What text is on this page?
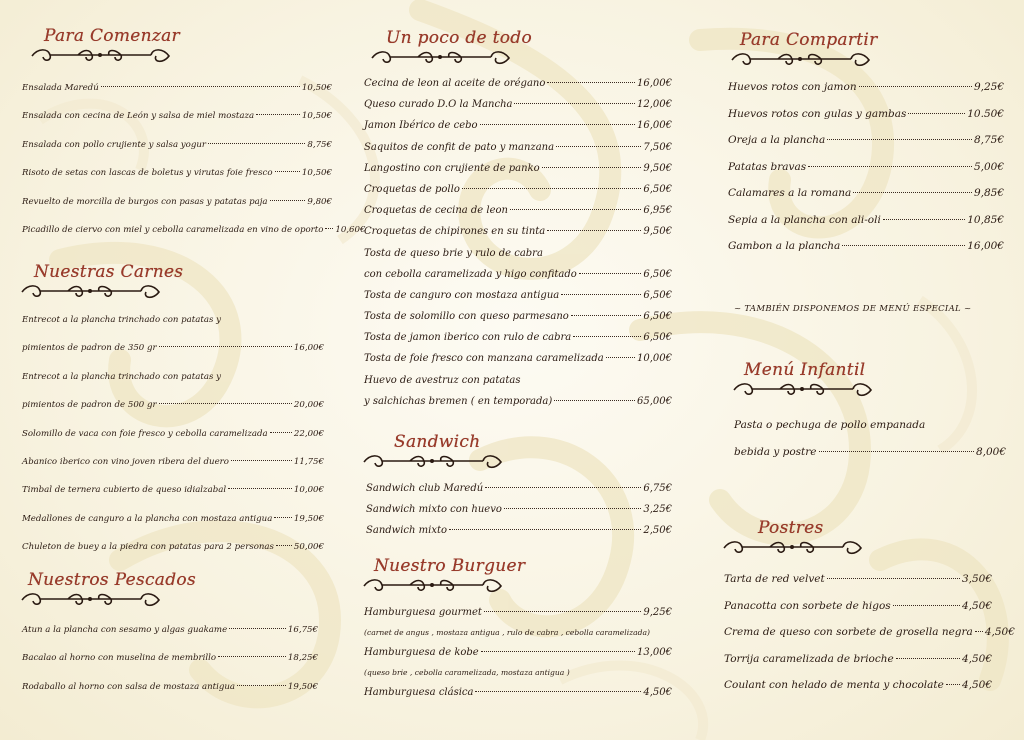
Para Comenzar
Ensalada Maredú	10,50€
Ensalada con cecina de León y salsa de miel mostaza	10,50€
Ensalada con pollo crujiente y salsa yogur	8,75€
Risoto de setas con lascas de boletus y virutas foie fresco	10,50€
Revuelto de morcilla de burgos con pasas y patatas paja	9,80€
Picadillo de ciervo con miel y cebolla caramelizada en vino de oporto 10,60€
Nuestras Carnes
Entrecot a la plancha trinchado con patatas y
pimientos de padron de 350 gr	16,00€
Entrecot a la plancha trinchado con patatas y
pimientos de padron de 500 gr	20,00€
Solomillo de vaca con foie fresco y cebolla caramelizada	22,00€
Abanico iberico con vino joven ribera del duero	11,75€
Timbal de ternera cubierto de queso idialzabal	10,00€
Medallones de canguro a la plancha con mostaza antigua	19,50€
Chuleton de buey a la piedra con patatas para 2 personas 50,00€
Nuestros Pescados
Atun a la plancha con sesamo y algas guakame	16,75€
Bacalao al horno con muselina de membrillo	18,25€
Rodaballo al horno con salsa de mostaza antigua	19,50€
Un poco de todo
Cecina de leon al aceite de orégano	16,00€
Queso curado D.O la Mancha	12,00€
Jamon Ibérico de cebo	16,00€
Saquitos de confit de pato y manzana	7,50€
Langostino con crujiente de panko	9,50€
Croquetas de pollo	6,50€
Croquetas de cecina de leon	6,95€
Croquetas de chipirones en su tinta	9,50€
Tosta de queso brie y rulo de cabra
con cebolla caramelizada y higo confitado	6,50€
Tosta de canguro con mostaza antigua	6,50€
Tosta de solomillo con queso parmesano	6,50€
Tosta de jamon iberico con rulo de cabra	6,50€
Tosta de foie fresco con manzana caramelizada	10,00€
Huevo de avestruz con patatas
y salchichas bremen ( en temporada)	65,00€
Sandwich
Sandwich club Maredú	6,75€
Sandwich mixto con huevo	3,25€
Sandwich mixto	2,50€
Nuestro Burguer
Hamburguesa gourmet	9,25€
(carnet de angus , mostaza antigua , rulo de cabra , cebolla caramelizada)
Hamburguesa de kobe	13,00€
(queso brie , cebolla caramelizada, mostaza antigua )
Hamburguesa clásica	4,50€
Para Compartir
Huevos rotos con jamon	9,25€
Huevos rotos con gulas y gambas	10.50€
Oreja a la plancha	8,75€
Patatas bravas	5,00€
Calamares a la romana	9,85€
Sepia a la plancha con ali-oli	10,85€
Gambon a la plancha	16,00€
~ TAMBIÉN DISPONEMOS DE MENÚ ESPECIAL ~
Menú Infantil
Pasta o pechuga de pollo empanada
bebida y postre	8,00€
Postres
Tarta de red velvet	3,50€
Panacotta con sorbete de higos	4,50€
Crema de queso con sorbete de grosella negra 4,50€
Torrija caramelizada de brioche	4,50€
Coulant con helado de menta y chocolate 4,50€
